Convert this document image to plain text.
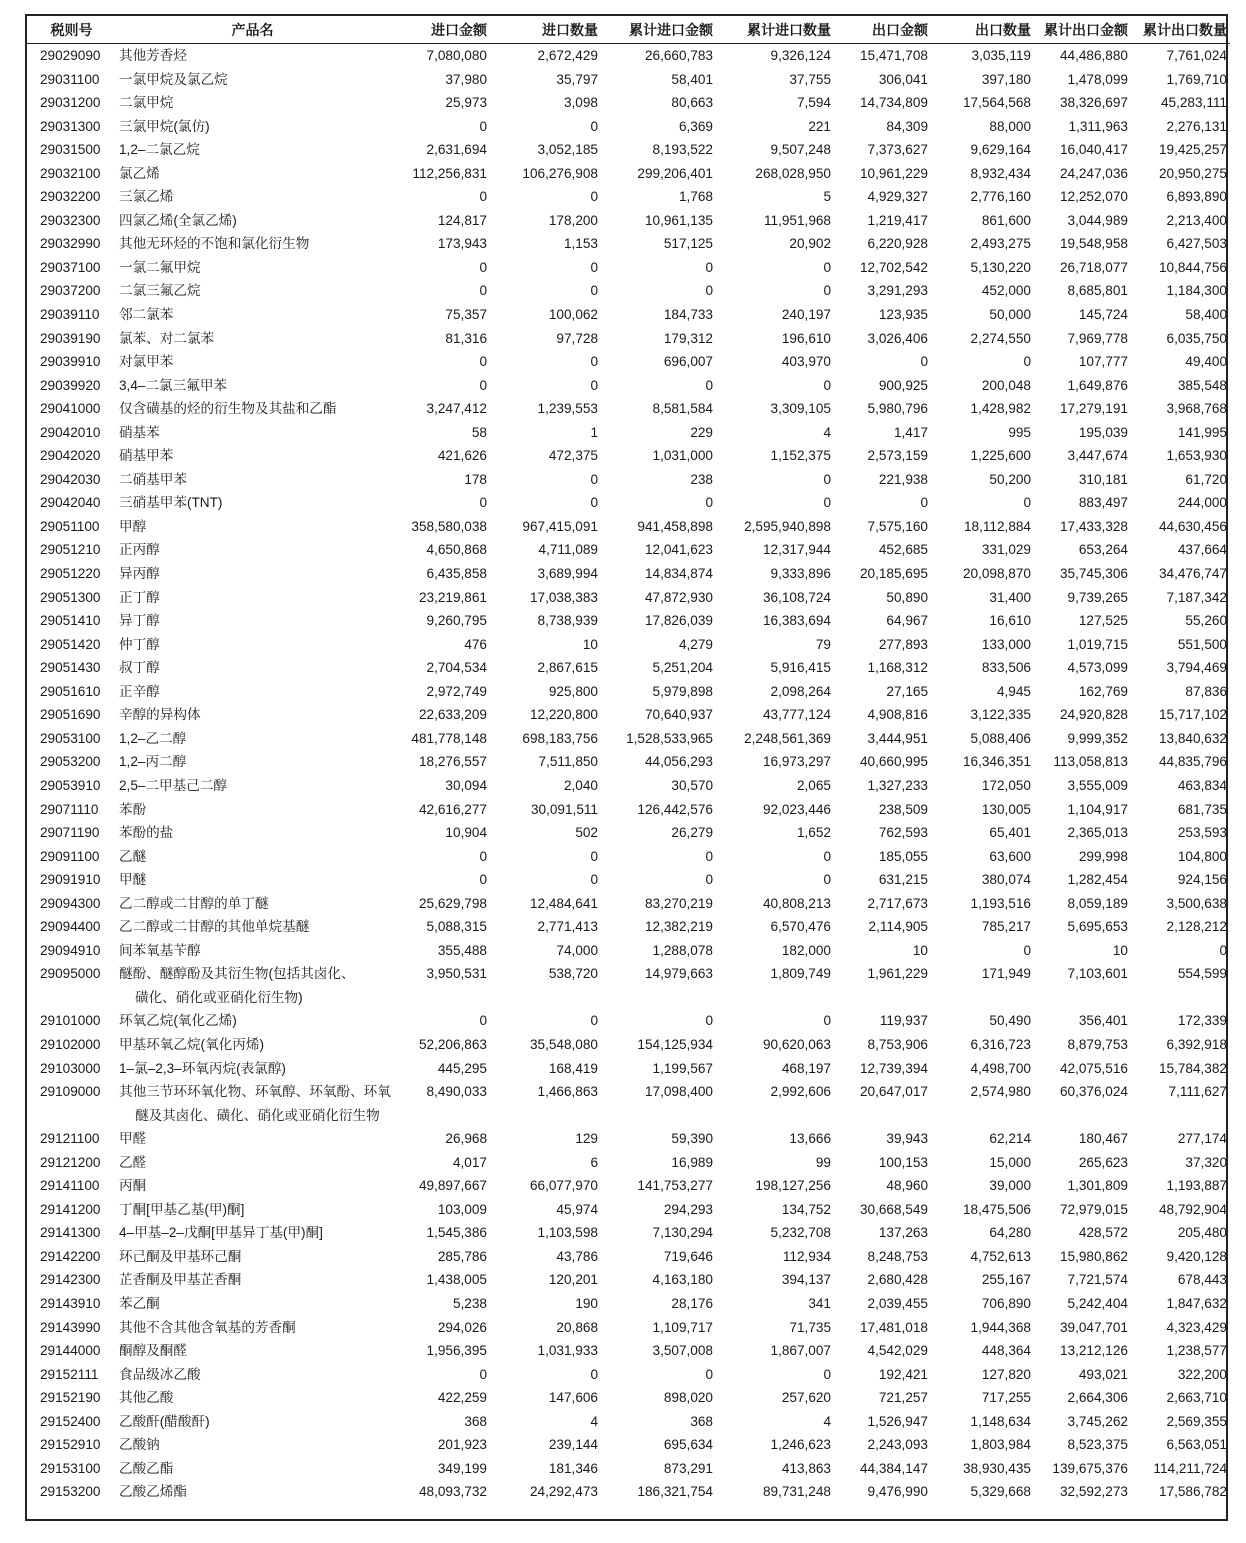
税则号	产品名	进口金额	进口数量	累计进口金额	累计进口数量	出口金额	出口数量	累计出口金额	累计出口数量
29029090	其他芳香烃	7,080,080	2,672,429	26,660,783	9,326,124	15,471,708	3,035,119	44,486,880	7,761,024
29031100	一氯甲烷及氯乙烷	37,980	35,797	58,401	37,755	306,041	397,180	1,478,099	1,769,710
29031200	二氯甲烷	25,973	3,098	80,663	7,594	14,734,809	17,564,568	38,326,697	45,283,111
29031300	三氯甲烷(氯仿)	0	0	6,369	221	84,309	88,000	1,311,963	2,276,131
29031500	1,2–二氯乙烷	2,631,694	3,052,185	8,193,522	9,507,248	7,373,627	9,629,164	16,040,417	19,425,257
29032100	氯乙烯	112,256,831	106,276,908	299,206,401	268,028,950	10,961,229	8,932,434	24,247,036	20,950,275
29032200	三氯乙烯	0	0	1,768	5	4,929,327	2,776,160	12,252,070	6,893,890
29032300	四氯乙烯(全氯乙烯)	124,817	178,200	10,961,135	11,951,968	1,219,417	861,600	3,044,989	2,213,400
29032990	其他无环烃的不饱和氯化衍生物	173,943	1,153	517,125	20,902	6,220,928	2,493,275	19,548,958	6,427,503
29037100	一氯二氟甲烷	0	0	0	0	12,702,542	5,130,220	26,718,077	10,844,756
29037200	二氯三氟乙烷	0	0	0	0	3,291,293	452,000	8,685,801	1,184,300
29039110	邻二氯苯	75,357	100,062	184,733	240,197	123,935	50,000	145,724	58,400
29039190	氯苯、对二氯苯	81,316	97,728	179,312	196,610	3,026,406	2,274,550	7,969,778	6,035,750
29039910	对氯甲苯	0	0	696,007	403,970	0	0	107,777	49,400
29039920	3,4–二氯三氟甲苯	0	0	0	0	900,925	200,048	1,649,876	385,548
29041000	仅含磺基的烃的衍生物及其盐和乙酯	3,247,412	1,239,553	8,581,584	3,309,105	5,980,796	1,428,982	17,279,191	3,968,768
29042010	硝基苯	58	1	229	4	1,417	995	195,039	141,995
29042020	硝基甲苯	421,626	472,375	1,031,000	1,152,375	2,573,159	1,225,600	3,447,674	1,653,930
29042030	二硝基甲苯	178	0	238	0	221,938	50,200	310,181	61,720
29042040	三硝基甲苯(TNT)	0	0	0	0	0	0	883,497	244,000
29051100	甲醇	358,580,038	967,415,091	941,458,898	2,595,940,898	7,575,160	18,112,884	17,433,328	44,630,456
29051210	正丙醇	4,650,868	4,711,089	12,041,623	12,317,944	452,685	331,029	653,264	437,664
29051220	异丙醇	6,435,858	3,689,994	14,834,874	9,333,896	20,185,695	20,098,870	35,745,306	34,476,747
29051300	正丁醇	23,219,861	17,038,383	47,872,930	36,108,724	50,890	31,400	9,739,265	7,187,342
29051410	异丁醇	9,260,795	8,738,939	17,826,039	16,383,694	64,967	16,610	127,525	55,260
29051420	仲丁醇	476	10	4,279	79	277,893	133,000	1,019,715	551,500
29051430	叔丁醇	2,704,534	2,867,615	5,251,204	5,916,415	1,168,312	833,506	4,573,099	3,794,469
29051610	正辛醇	2,972,749	925,800	5,979,898	2,098,264	27,165	4,945	162,769	87,836
29051690	辛醇的异构体	22,633,209	12,220,800	70,640,937	43,777,124	4,908,816	3,122,335	24,920,828	15,717,102
29053100	1,2–乙二醇	481,778,148	698,183,756	1,528,533,965	2,248,561,369	3,444,951	5,088,406	9,999,352	13,840,632
29053200	1,2–丙二醇	18,276,557	7,511,850	44,056,293	16,973,297	40,660,995	16,346,351	113,058,813	44,835,796
29053910	2,5–二甲基己二醇	30,094	2,040	30,570	2,065	1,327,233	172,050	3,555,009	463,834
29071110	苯酚	42,616,277	30,091,511	126,442,576	92,023,446	238,509	130,005	1,104,917	681,735
29071190	苯酚的盐	10,904	502	26,279	1,652	762,593	65,401	2,365,013	253,593
29091100	乙醚	0	0	0	0	185,055	63,600	299,998	104,800
29091910	甲醚	0	0	0	0	631,215	380,074	1,282,454	924,156
29094300	乙二醇或二甘醇的单丁醚	25,629,798	12,484,641	83,270,219	40,808,213	2,717,673	1,193,516	8,059,189	3,500,638
29094400	乙二醇或二甘醇的其他单烷基醚	5,088,315	2,771,413	12,382,219	6,570,476	2,114,905	785,217	5,695,653	2,128,212
29094910	间苯氧基苄醇	355,488	74,000	1,288,078	182,000	10	0	10	0
29095000	醚酚、醚醇酚及其衍生物(包括其卤化、
磺化、硝化或亚硝化衍生物)	3,950,531	538,720	14,979,663	1,809,749	1,961,229	171,949	7,103,601	554,599
29101000	环氧乙烷(氧化乙烯)	0	0	0	0	119,937	50,490	356,401	172,339
29102000	甲基环氧乙烷(氧化丙烯)	52,206,863	35,548,080	154,125,934	90,620,063	8,753,906	6,316,723	8,879,753	6,392,918
29103000	1–氯–2,3–环氧丙烷(表氯醇)	445,295	168,419	1,199,567	468,197	12,739,394	4,498,700	42,075,516	15,784,382
29109000	其他三节环环氧化物、环氧醇、环氧酚、环氧
醚及其卤化、磺化、硝化或亚硝化衍生物	8,490,033	1,466,863	17,098,400	2,992,606	20,647,017	2,574,980	60,376,024	7,111,627
29121100	甲醛	26,968	129	59,390	13,666	39,943	62,214	180,467	277,174
29121200	乙醛	4,017	6	16,989	99	100,153	15,000	265,623	37,320
29141100	丙酮	49,897,667	66,077,970	141,753,277	198,127,256	48,960	39,000	1,301,809	1,193,887
29141200	丁酮[甲基乙基(甲)酮]	103,009	45,974	294,293	134,752	30,668,549	18,475,506	72,979,015	48,792,904
29141300	4–甲基–2–戊酮[甲基异丁基(甲)酮]	1,545,386	1,103,598	7,130,294	5,232,708	137,263	64,280	428,572	205,480
29142200	环己酮及甲基环己酮	285,786	43,786	719,646	112,934	8,248,753	4,752,613	15,980,862	9,420,128
29142300	芷香酮及甲基芷香酮	1,438,005	120,201	4,163,180	394,137	2,680,428	255,167	7,721,574	678,443
29143910	苯乙酮	5,238	190	28,176	341	2,039,455	706,890	5,242,404	1,847,632
29143990	其他不含其他含氧基的芳香酮	294,026	20,868	1,109,717	71,735	17,481,018	1,944,368	39,047,701	4,323,429
29144000	酮醇及酮醛	1,956,395	1,031,933	3,507,008	1,867,007	4,542,029	448,364	13,212,126	1,238,577
29152111	食品级冰乙酸	0	0	0	0	192,421	127,820	493,021	322,200
29152190	其他乙酸	422,259	147,606	898,020	257,620	721,257	717,255	2,664,306	2,663,710
29152400	乙酸酐(醋酸酐)	368	4	368	4	1,526,947	1,148,634	3,745,262	2,569,355
29152910	乙酸钠	201,923	239,144	695,634	1,246,623	2,243,093	1,803,984	8,523,375	6,563,051
29153100	乙酸乙酯	349,199	181,346	873,291	413,863	44,384,147	38,930,435	139,675,376	114,211,724
29153200	乙酸乙烯酯	48,093,732	24,292,473	186,321,754	89,731,248	9,476,990	5,329,668	32,592,273	17,586,782
